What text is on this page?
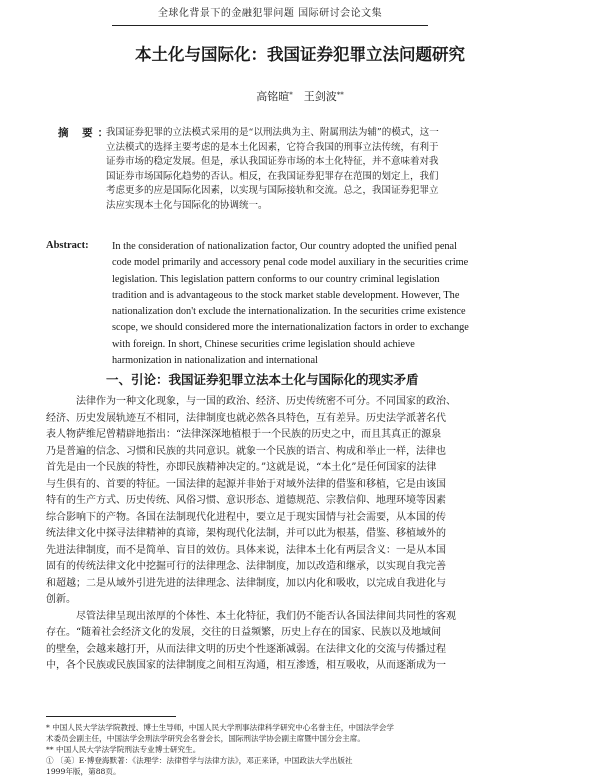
全球化背景下的金融犯罪问题 国际研讨会论文集
本土化与国际化：我国证券犯罪立法问题研究
高铭暄*  王剑波**
摘 要：
我国证券犯罪的立法模式采用的是“以刑法典为主、附属刑法为辅”的模式，这一
立法模式的选择主要考虑的是本土化因素，它符合我国的刑事立法传统，有利于
证券市场的稳定发展。但是，承认我国证券市场的本土化特征，并不意味着对我
国证券市场国际化趋势的否认。相反，在我国证券犯罪存在范围的划定上，我们
考虑更多的应是国际化因素，以实现与国际接轨和交流。总之，我国证券犯罪立
法应实现本土化与国际化的协调统一。
Abstract: In the consideration of nationalization factor, Our country adopted the unified penal
code model primarily and accessory penal code model auxiliary in the securities crime
legislation. This legislation pattern conforms to our country criminal legislation
tradition and is advantageous to the stock market stable development. However, The
nationalization don't exclude the internationalization. In the securities crime existence
scope, we should considered more the internationalization factors in order to exchange
with foreign. In short, Chinese securities crime legislation should achieve
harmonization in nationalization and international
一、引论：我国证券犯罪立法本土化与国际化的现实矛盾
法律作为一种文化现象，与一国的政治、经济、历史传统密不可分。不同国家的政治、
经济、历史发展轨迹互不相同，法律制度也就必然各具特色，互有差异。历史法学派著名代
表人物萨维尼曾精辟地指出：“法律深深地植根于一个民族的历史之中，而且其真正的源泉
乃是普遍的信念、习惯和民族的共同意识。就象一个民族的语言、构成和举止一样，法律也
首先是由一个民族的特性，亦即民族精神决定的。”这就是说，“本土化”是任何国家的法律
与生俱有的、首要的特征。一国法律的起源并非始于对域外法律的借鉴和移植，它是由该国
特有的生产方式、历史传统、风俗习惯、意识形态、道德规范、宗教信仰、地理环境等因素
综合影响下的产物。各国在法制现代化进程中，要立足于现实国情与社会需要，从本国的传
统法律文化中探寻法律精神的真谛，架构现代化法制，并可以此为根基，借鉴、移植域外的
先进法律制度，而不是简单、盲目的效仿。具体来说，法律本土化有两层含义：一是从本国
固有的传统法律文化中挖掘可行的法律理念、法律制度，加以改造和继承，以实现自我完善
和超越；二是从域外引进先进的法律理念、法律制度，加以内化和吸收，以完成自我进化与
创新。
尽管法律呈现出浓厚的个体性、本土化特征，我们仍不能否认各国法律间共同性的客观
存在。“随着社会经济文化的发展，交往的日益频繁，历史上存在的国家、民族以及地域间
的壁垒，会越来越打开，从而法律文明的历史个性逐渐减弱。在法律文化的交流与传播过程
中，各个民族或民族国家的法律制度之间相互沟通，相互渗透，相互吸收，从而逐渐成为一
* 中国人民大学法学院教授、博士生导师，中国人民大学刑事法律科学研究中心名誉主任，中国法学会学
术委员会副主任，中国法学会刑法学研究会名誉会长，国际刑法学协会副主席暨中国分会主席。
** 中国人民大学法学院刑法专业博士研究生。
① 〔美〕E·博登海默著：《法理学：法律哲学与法律方法》，邓正来译，中国政法大学出版社
1999年版，第88页。
